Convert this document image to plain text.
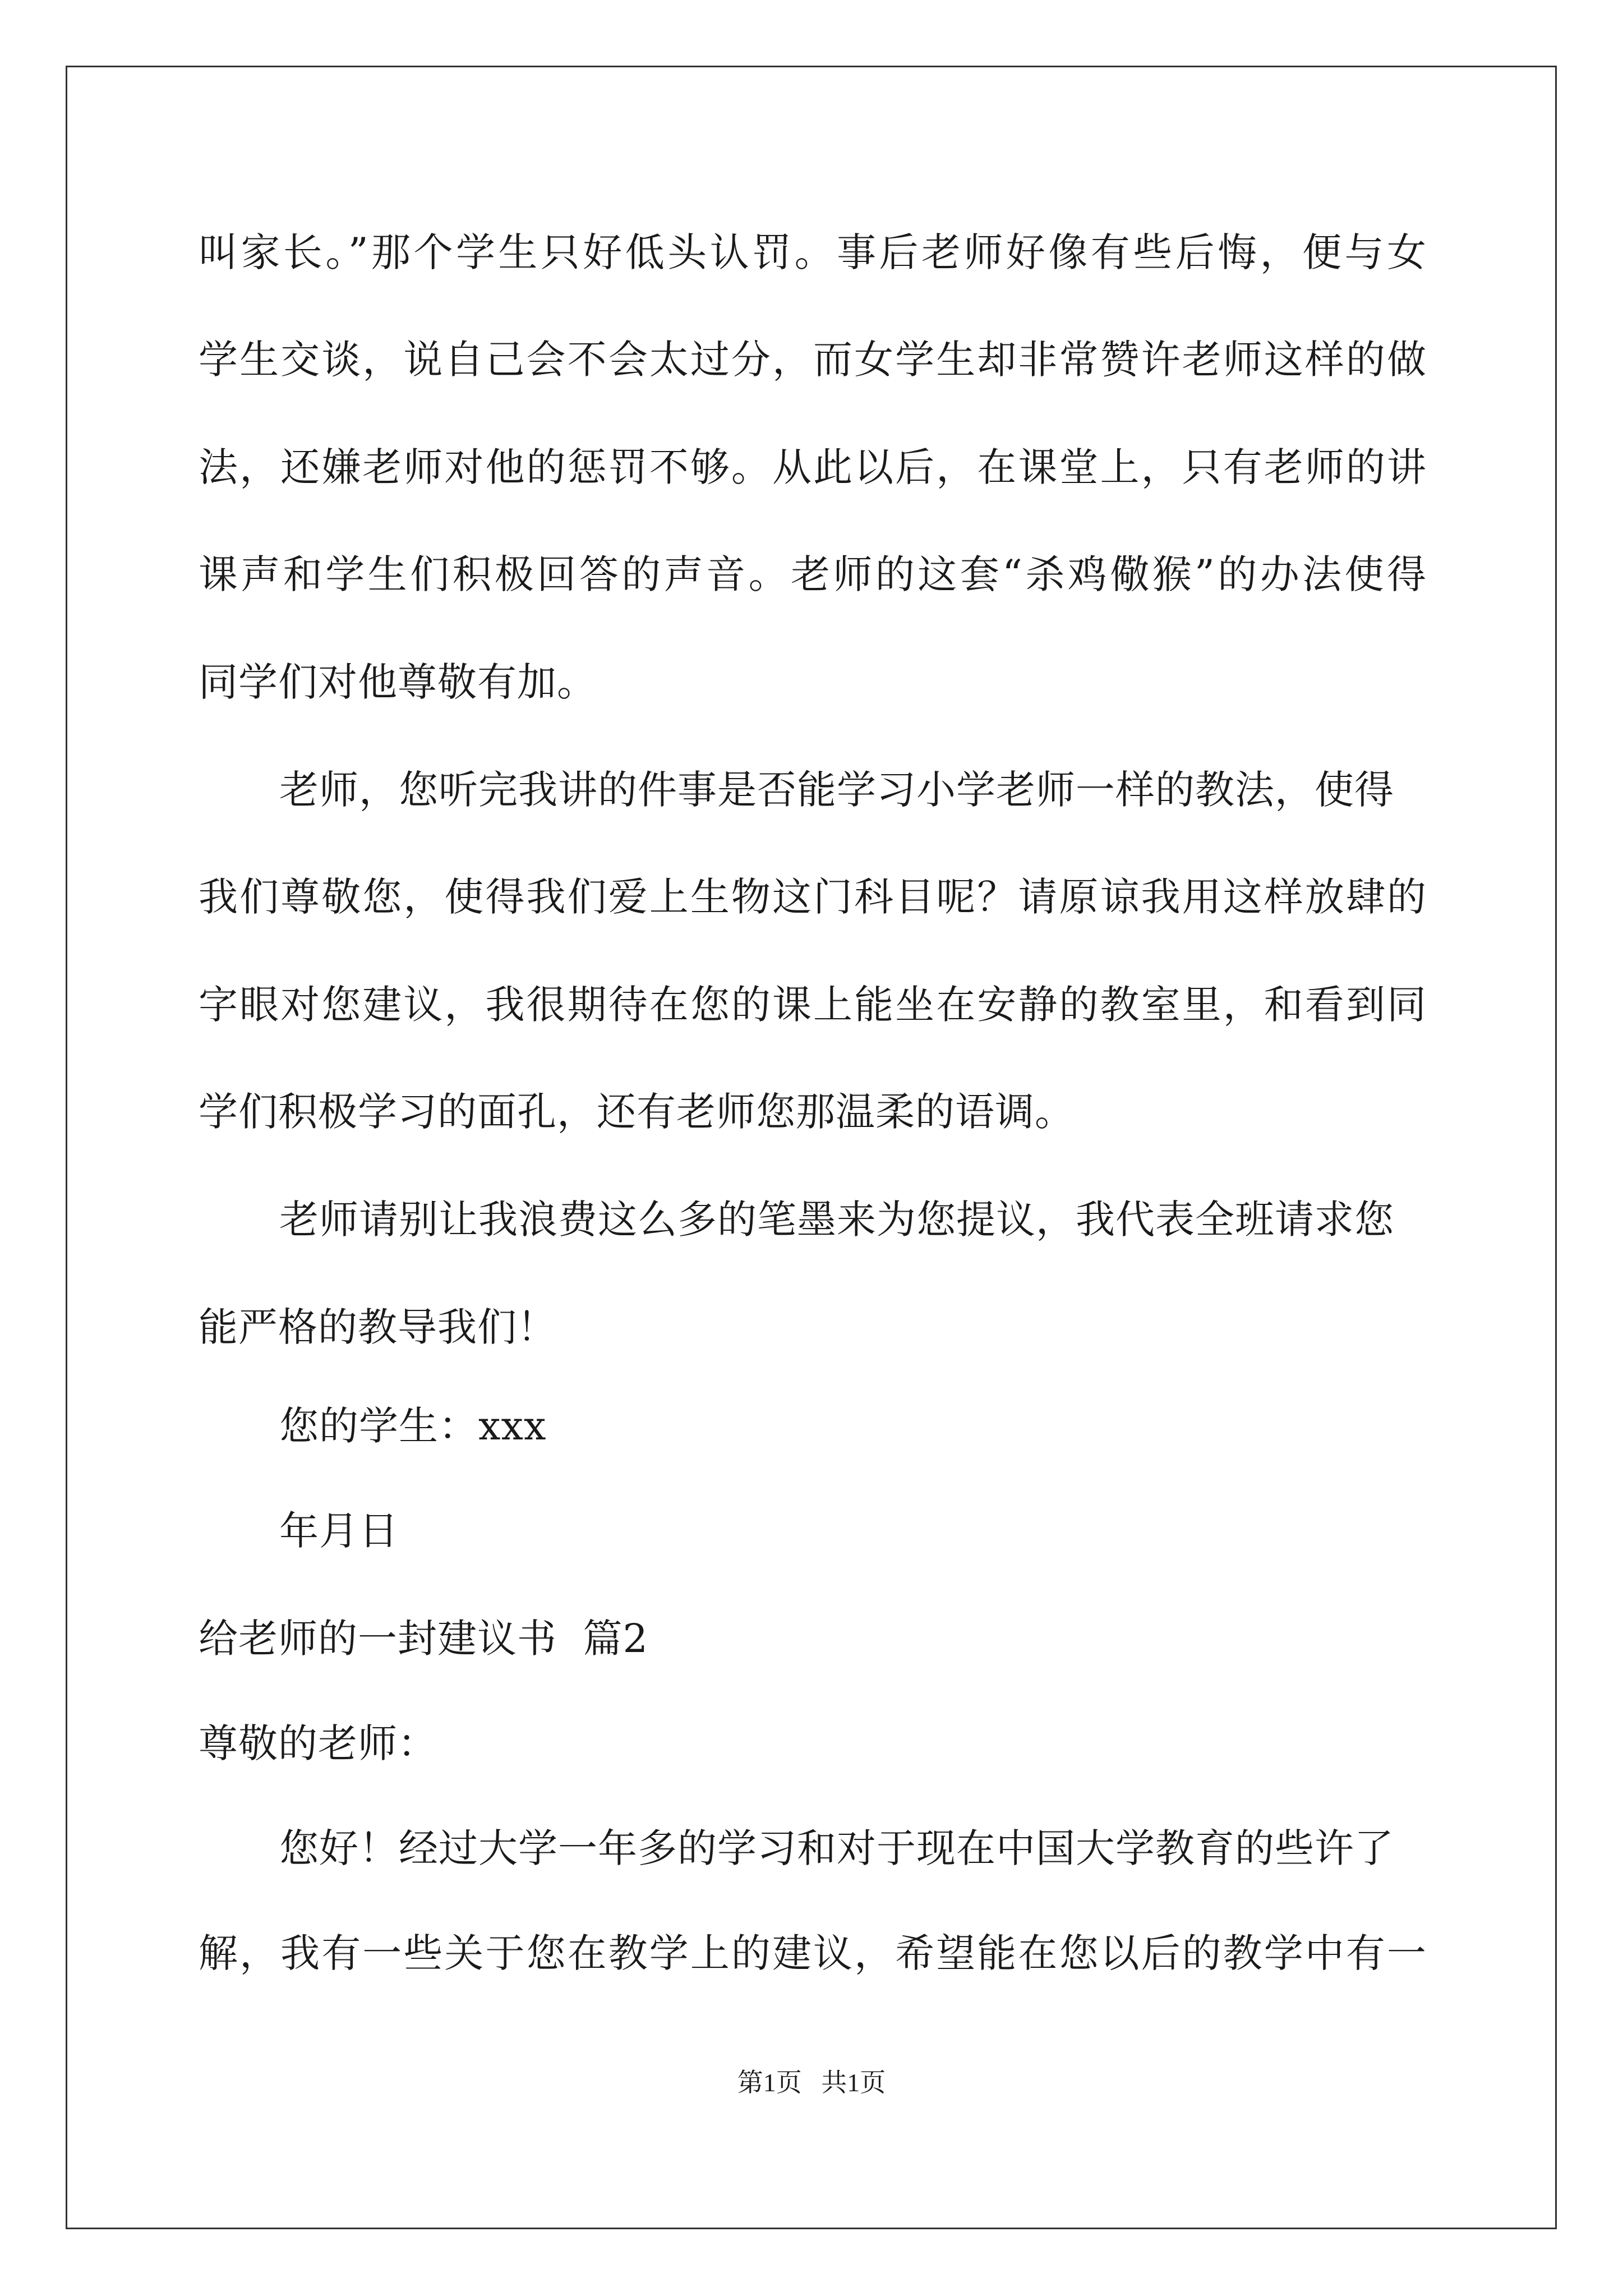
叫家长。”那个学生只好低头认罚。事后老师好像有些后悔，便与女
学生交谈，说自己会不会太过分，而女学生却非常赞许老师这样的做
法，还嫌老师对他的惩罚不够。从此以后，在课堂上，只有老师的讲
课声和学生们积极回答的声音。老师的这套“杀鸡儆猴”的办法使得
同学们对他尊敬有加。
老师，您听完我讲的件事是否能学习小学老师一样的教法，使得
我们尊敬您，使得我们爱上生物这门科目呢？请原谅我用这样放肆的
字眼对您建议，我很期待在您的课上能坐在安静的教室里，和看到同
学们积极学习的面孔，还有老师您那温柔的语调。
老师请别让我浪费这么多的笔墨来为您提议，我代表全班请求您
能严格的教导我们！
您的学生：xxx
年月日
给老师的一封建议书  篇2
尊敬的老师：
您好！经过大学一年多的学习和对于现在中国大学教育的些许了
解，我有一些关于您在教学上的建议，希望能在您以后的教学中有一
第1页   共1页
